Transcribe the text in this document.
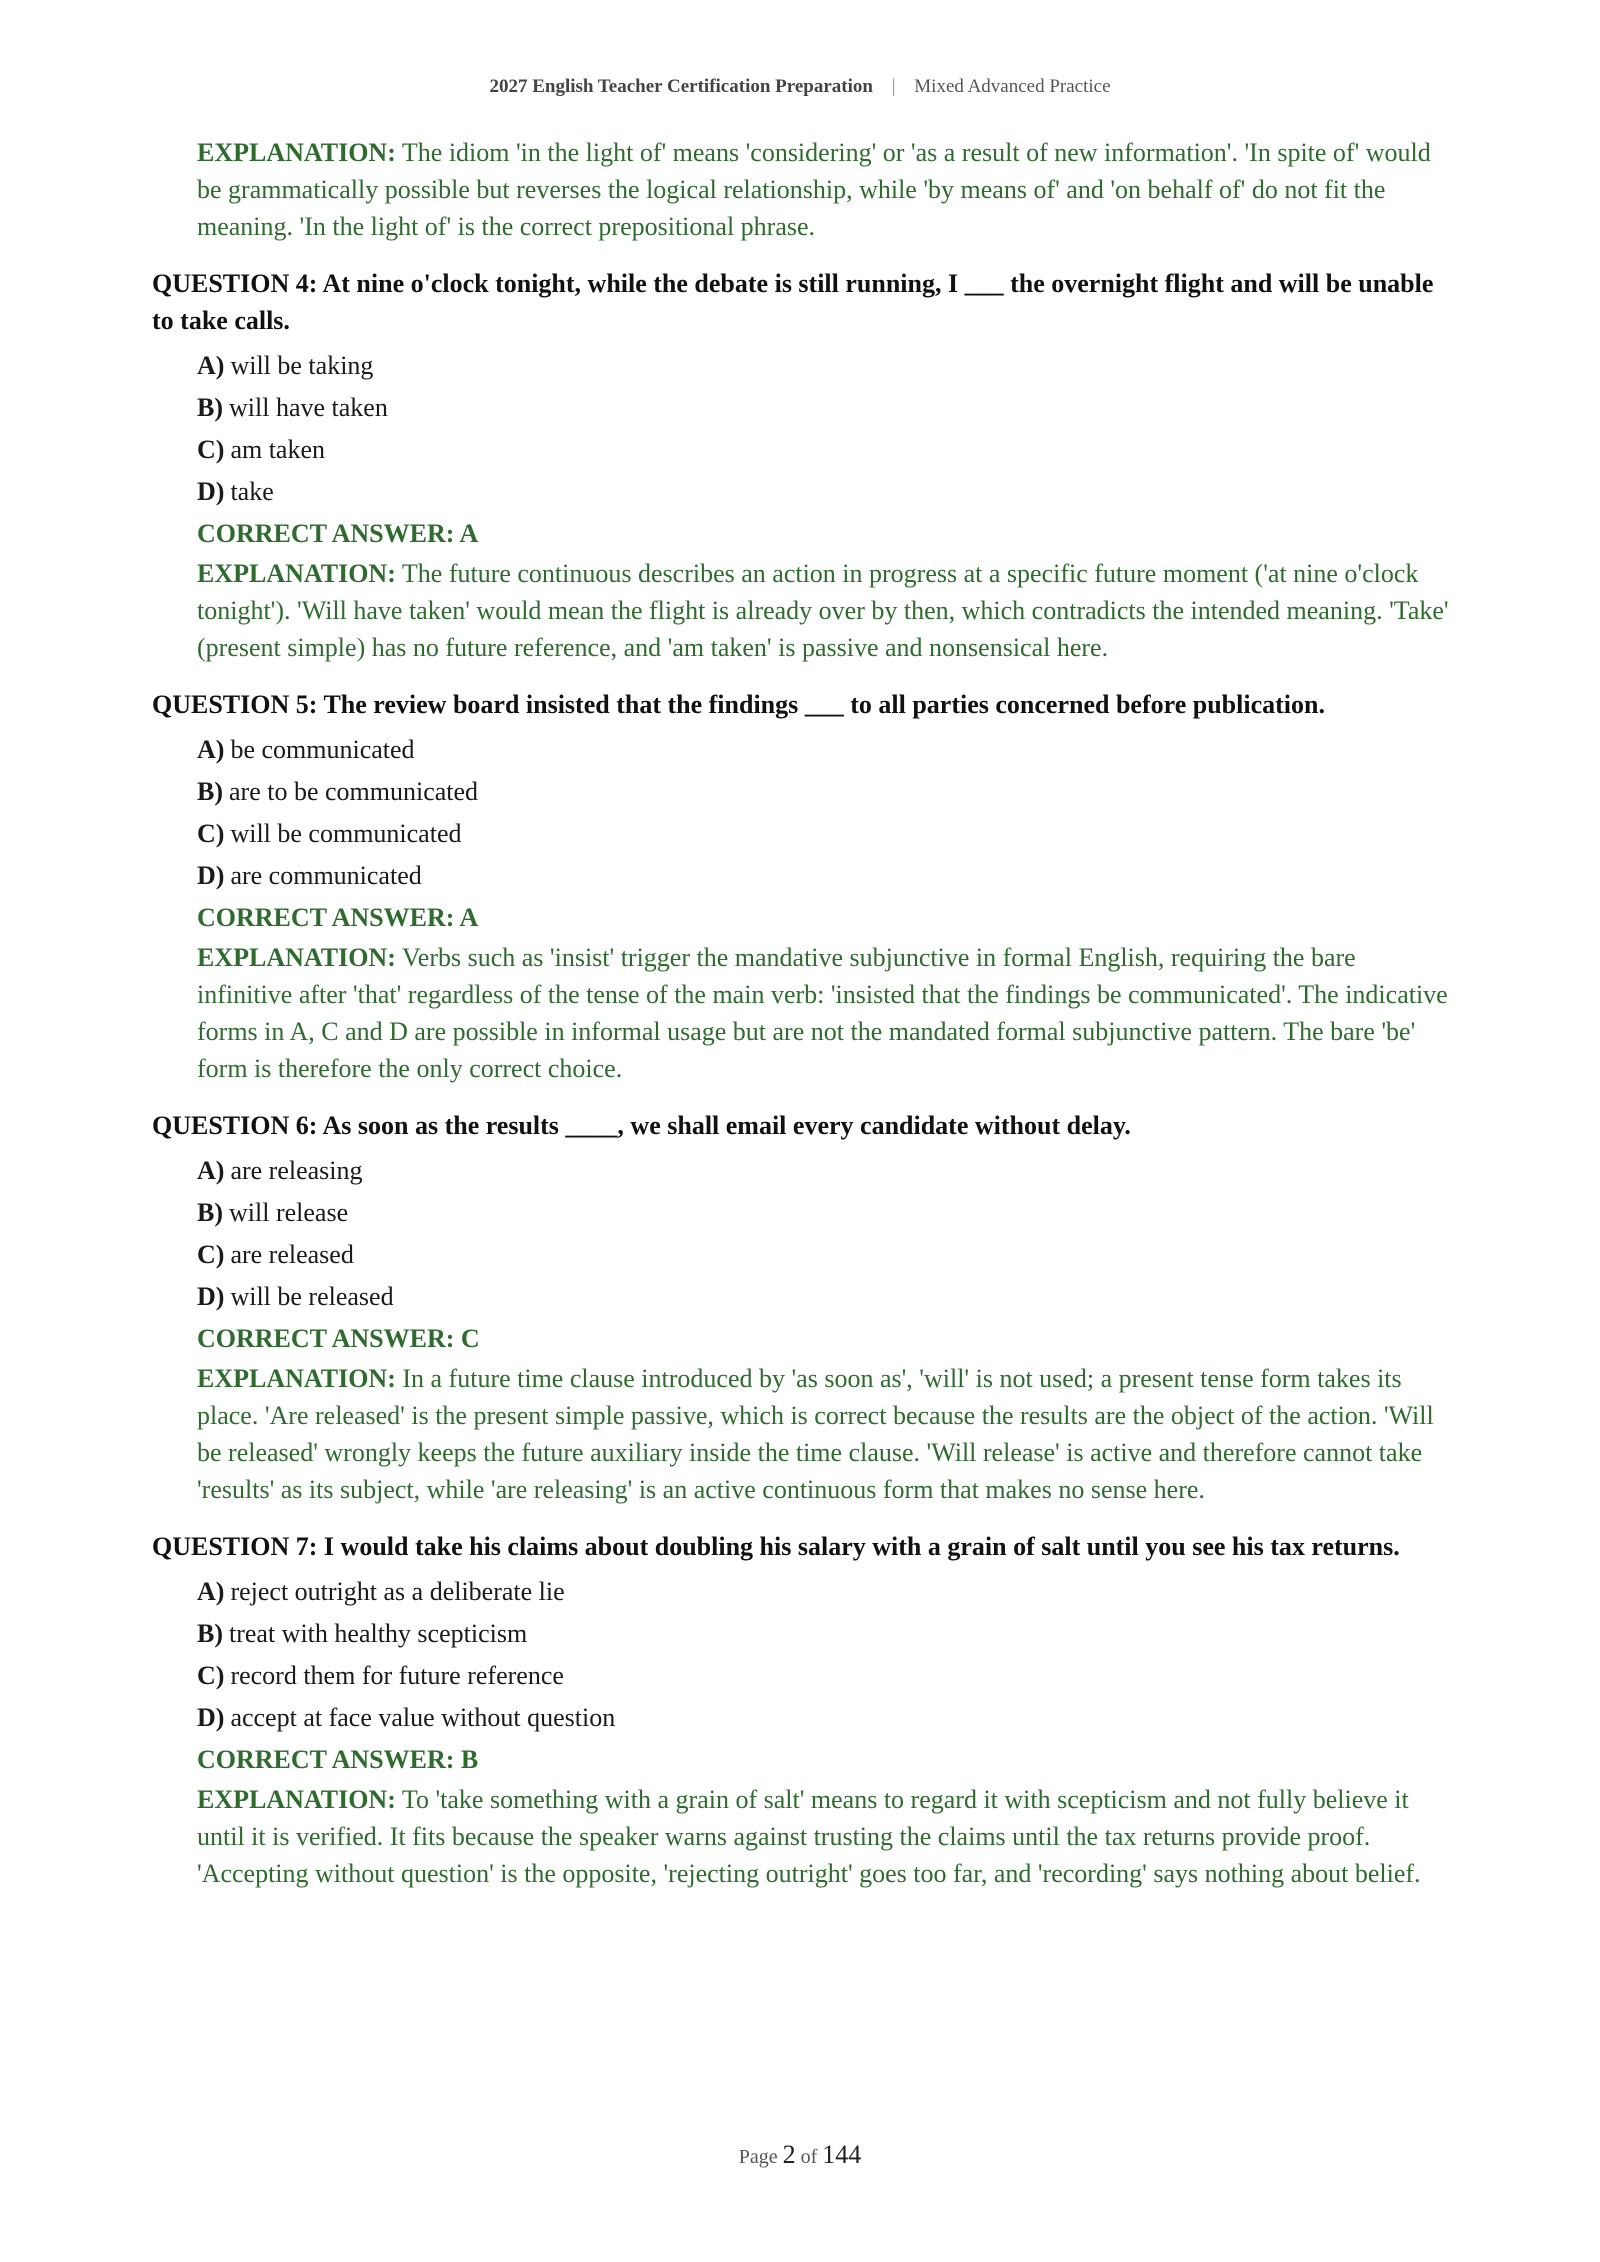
2027 English Teacher Certification Preparation | Mixed Advanced Practice
EXPLANATION: The idiom 'in the light of' means 'considering' or 'as a result of new information'. 'In spite of' would be grammatically possible but reverses the logical relationship, while 'by means of' and 'on behalf of' do not fit the meaning. 'In the light of' is the correct prepositional phrase.
QUESTION 4: At nine o'clock tonight, while the debate is still running, I ___ the overnight flight and will be unable to take calls.
A) will be taking
B) will have taken
C) am taken
D) take
CORRECT ANSWER: A
EXPLANATION: The future continuous describes an action in progress at a specific future moment ('at nine o'clock tonight'). 'Will have taken' would mean the flight is already over by then, which contradicts the intended meaning. 'Take' (present simple) has no future reference, and 'am taken' is passive and nonsensical here.
QUESTION 5: The review board insisted that the findings ___ to all parties concerned before publication.
A) be communicated
B) are to be communicated
C) will be communicated
D) are communicated
CORRECT ANSWER: A
EXPLANATION: Verbs such as 'insist' trigger the mandative subjunctive in formal English, requiring the bare infinitive after 'that' regardless of the tense of the main verb: 'insisted that the findings be communicated'. The indicative forms in A, C and D are possible in informal usage but are not the mandated formal subjunctive pattern. The bare 'be' form is therefore the only correct choice.
QUESTION 6: As soon as the results ____, we shall email every candidate without delay.
A) are releasing
B) will release
C) are released
D) will be released
CORRECT ANSWER: C
EXPLANATION: In a future time clause introduced by 'as soon as', 'will' is not used; a present tense form takes its place. 'Are released' is the present simple passive, which is correct because the results are the object of the action. 'Will be released' wrongly keeps the future auxiliary inside the time clause. 'Will release' is active and therefore cannot take 'results' as its subject, while 'are releasing' is an active continuous form that makes no sense here.
QUESTION 7: I would take his claims about doubling his salary with a grain of salt until you see his tax returns.
A) reject outright as a deliberate lie
B) treat with healthy scepticism
C) record them for future reference
D) accept at face value without question
CORRECT ANSWER: B
EXPLANATION: To 'take something with a grain of salt' means to regard it with scepticism and not fully believe it until it is verified. It fits because the speaker warns against trusting the claims until the tax returns provide proof. 'Accepting without question' is the opposite, 'rejecting outright' goes too far, and 'recording' says nothing about belief.
Page 2 of 144
